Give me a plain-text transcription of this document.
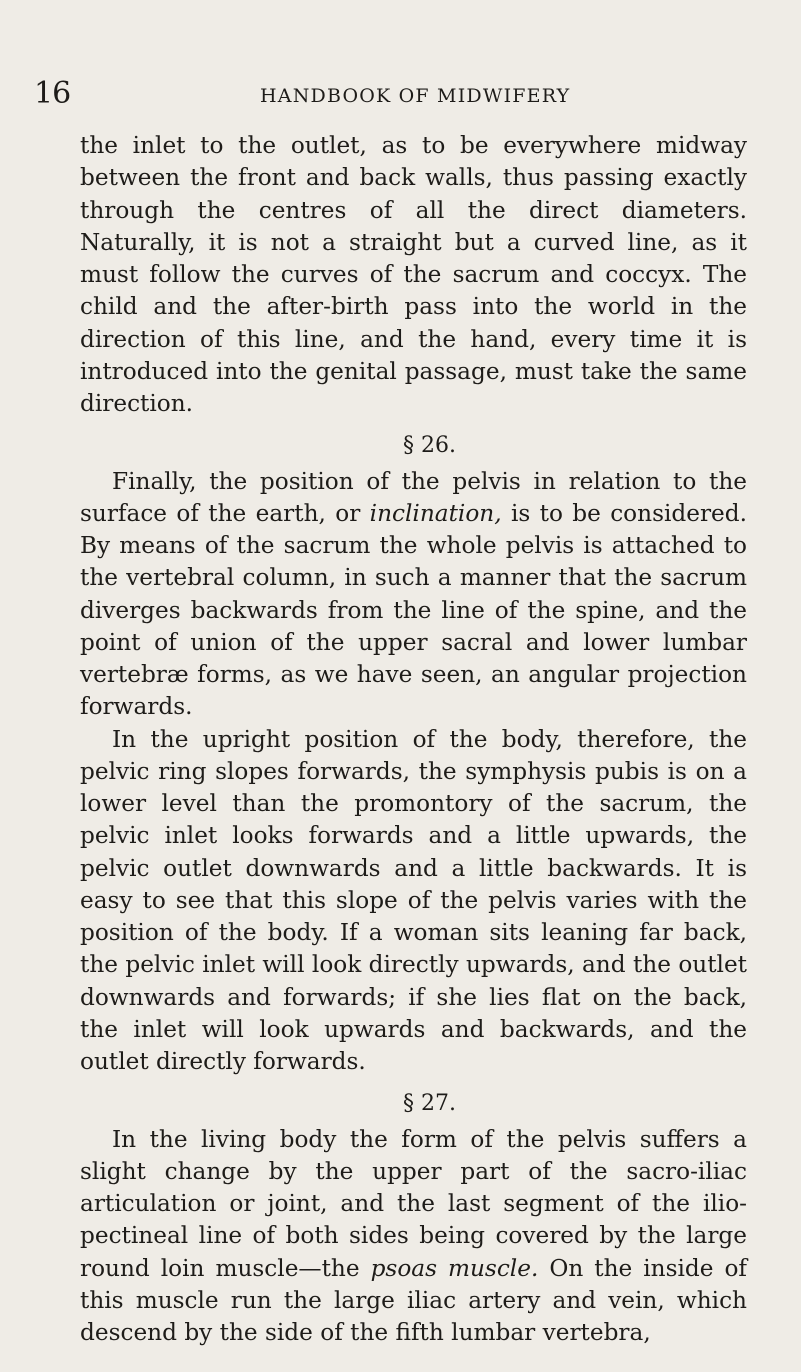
16	HANDBOOK OF MIDWIFERY

the inlet to the outlet, as to be everywhere midway between the front and back walls, thus passing exactly through the centres of all the direct diameters. Naturally, it is not a straight but a curved line, as it must follow the curves of the sacrum and coccyx. The child and the after-birth pass into the world in the direction of this line, and the hand, every time it is introduced into the genital passage, must take the same direction.

§ 26.

Finally, the position of the pelvis in relation to the surface of the earth, or inclination, is to be considered. By means of the sacrum the whole pelvis is attached to the vertebral column, in such a manner that the sacrum diverges backwards from the line of the spine, and the point of union of the upper sacral and lower lumbar vertebræ forms, as we have seen, an angular projection forwards.

In the upright position of the body, therefore, the pelvic ring slopes forwards, the symphysis pubis is on a lower level than the promontory of the sacrum, the pelvic inlet looks forwards and a little upwards, the pelvic outlet downwards and a little backwards. It is easy to see that this slope of the pelvis varies with the position of the body. If a woman sits leaning far back, the pelvic inlet will look directly upwards, and the outlet downwards and forwards; if she lies flat on the back, the inlet will look upwards and backwards, and the outlet directly forwards.

§ 27.

In the living body the form of the pelvis suffers a slight change by the upper part of the sacro-iliac articulation or joint, and the last segment of the ilio-pectineal line of both sides being covered by the large round loin muscle—the psoas muscle. On the inside of this muscle run the large iliac artery and vein, which descend by the side of the fifth lumbar vertebra,
